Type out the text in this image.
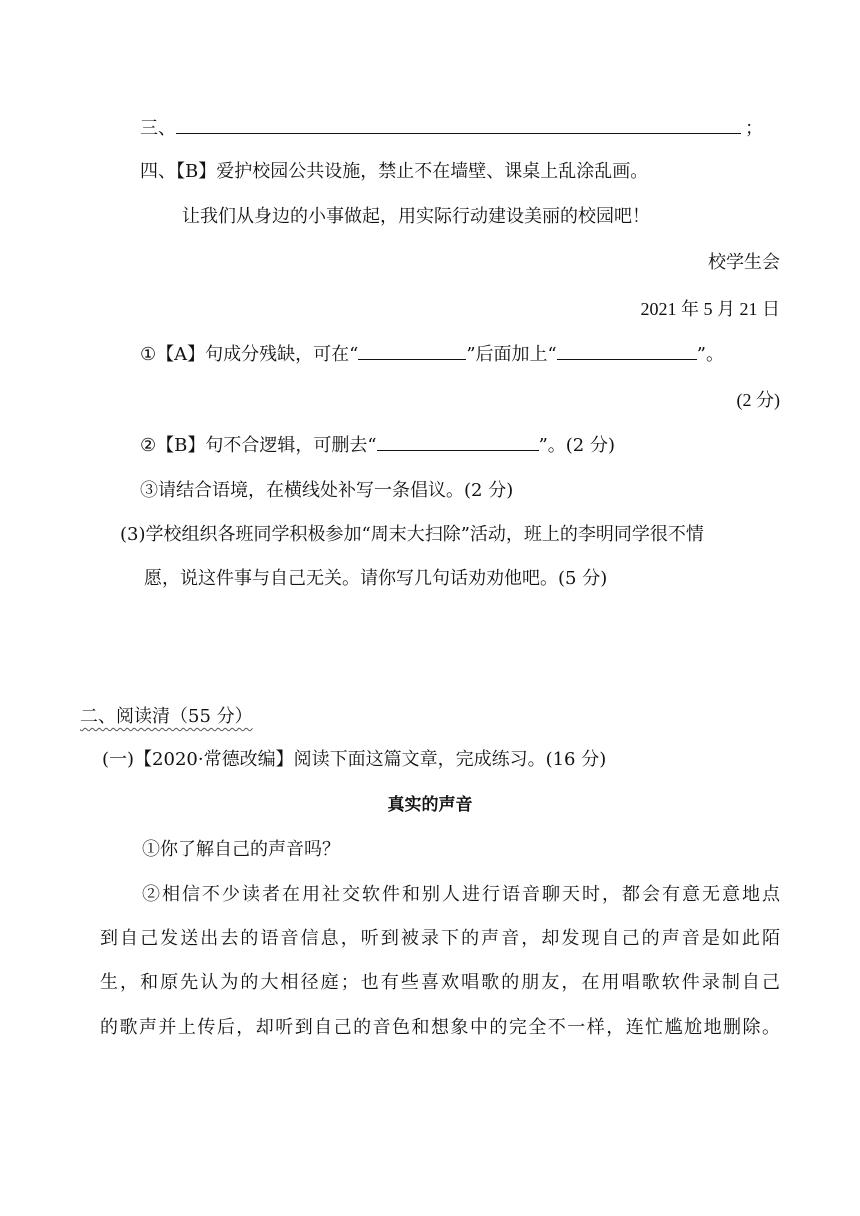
三、	；
四、【B】爱护校园公共设施，禁止不在墙壁、课桌上乱涂乱画。
让我们从身边的小事做起，用实际行动建设美丽的校园吧！
校学生会
2021 年 5 月 21 日
①【A】句成分残缺，可在“	”后面加上“	”。
(2 分)
②【B】句不合逻辑，可删去“	”。(2 分)
③请结合语境，在横线处补写一条倡议。(2 分)
(3)学校组织各班同学积极参加“周末大扫除”活动，班上的李明同学很不情
愿，说这件事与自己无关。请你写几句话劝劝他吧。(5 分)
二、阅读清（55 分）
(一)【2020·常德改编】阅读下面这篇文章，完成练习。(16 分)
真实的声音
①你了解自己的声音吗？
②相信不少读者在用社交软件和别人进行语音聊天时，都会有意无意地点
到自己发送出去的语音信息，听到被录下的声音，却发现自己的声音是如此陌
生，和原先认为的大相径庭；也有些喜欢唱歌的朋友，在用唱歌软件录制自己
的歌声并上传后，却听到自己的音色和想象中的完全不一样，连忙尴尬地删除。
